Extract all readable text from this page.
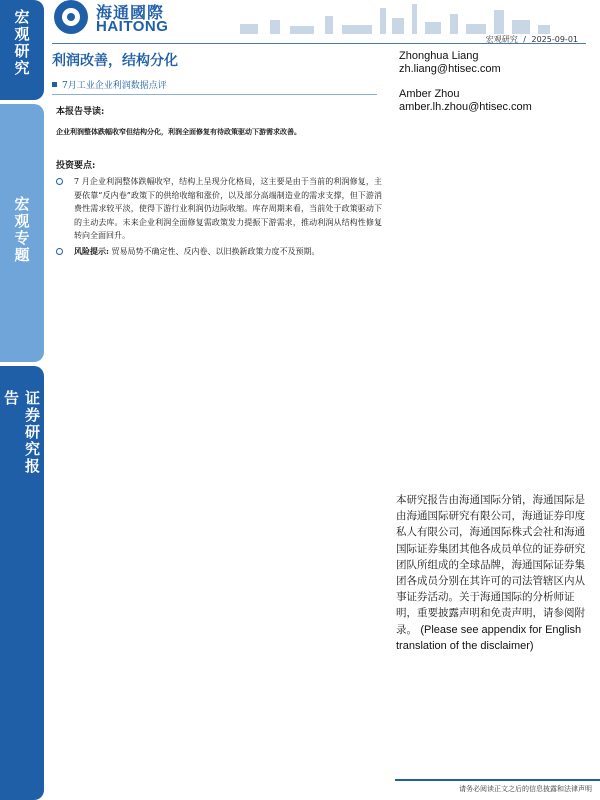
宏观研究
宏观专题
证券研究报告
海通國際
HAITONG
宏观研究 / 2025-09-01
利润改善，结构分化
7月工业企业利润数据点评
Zhonghua Liang
zh.liang@htisec.com
Amber Zhou
amber.lh.zhou@htisec.com
本报告导读:
企业利润整体跌幅收窄但结构分化，利润全面修复有待政策驱动下游需求改善。
投资要点:
7 月企业利润整体跌幅收窄，结构上呈现分化格局，这主要是由于当前的利润修复，主要依靠“反内卷”政策下的供给收缩和涨价，以及部分高端制造业的需求支撑，但下游消费性需求较平淡，使得下游行业利润仍边际收缩。库存周期来看，当前处于政策驱动下的主动去库。未来企业利润全面修复需政策发力提振下游需求，推动利润从结构性修复转向全面回升。
风险提示: 贸易局势不确定性、反内卷、以旧换新政策力度不及预期。
本研究报告由海通国际分销，海通国际是由海通国际研究有限公司，海通证券印度私人有限公司，海通国际株式会社和海通国际证券集团其他各成员单位的证券研究团队所组成的全球品牌，海通国际证券集团各成员分别在其许可的司法管辖区内从事证券活动。关于海通国际的分析师证明，重要披露声明和免责声明，请参阅附录。 (Please see appendix for English translation of the disclaimer)
请务必阅读正文之后的信息披露和法律声明
